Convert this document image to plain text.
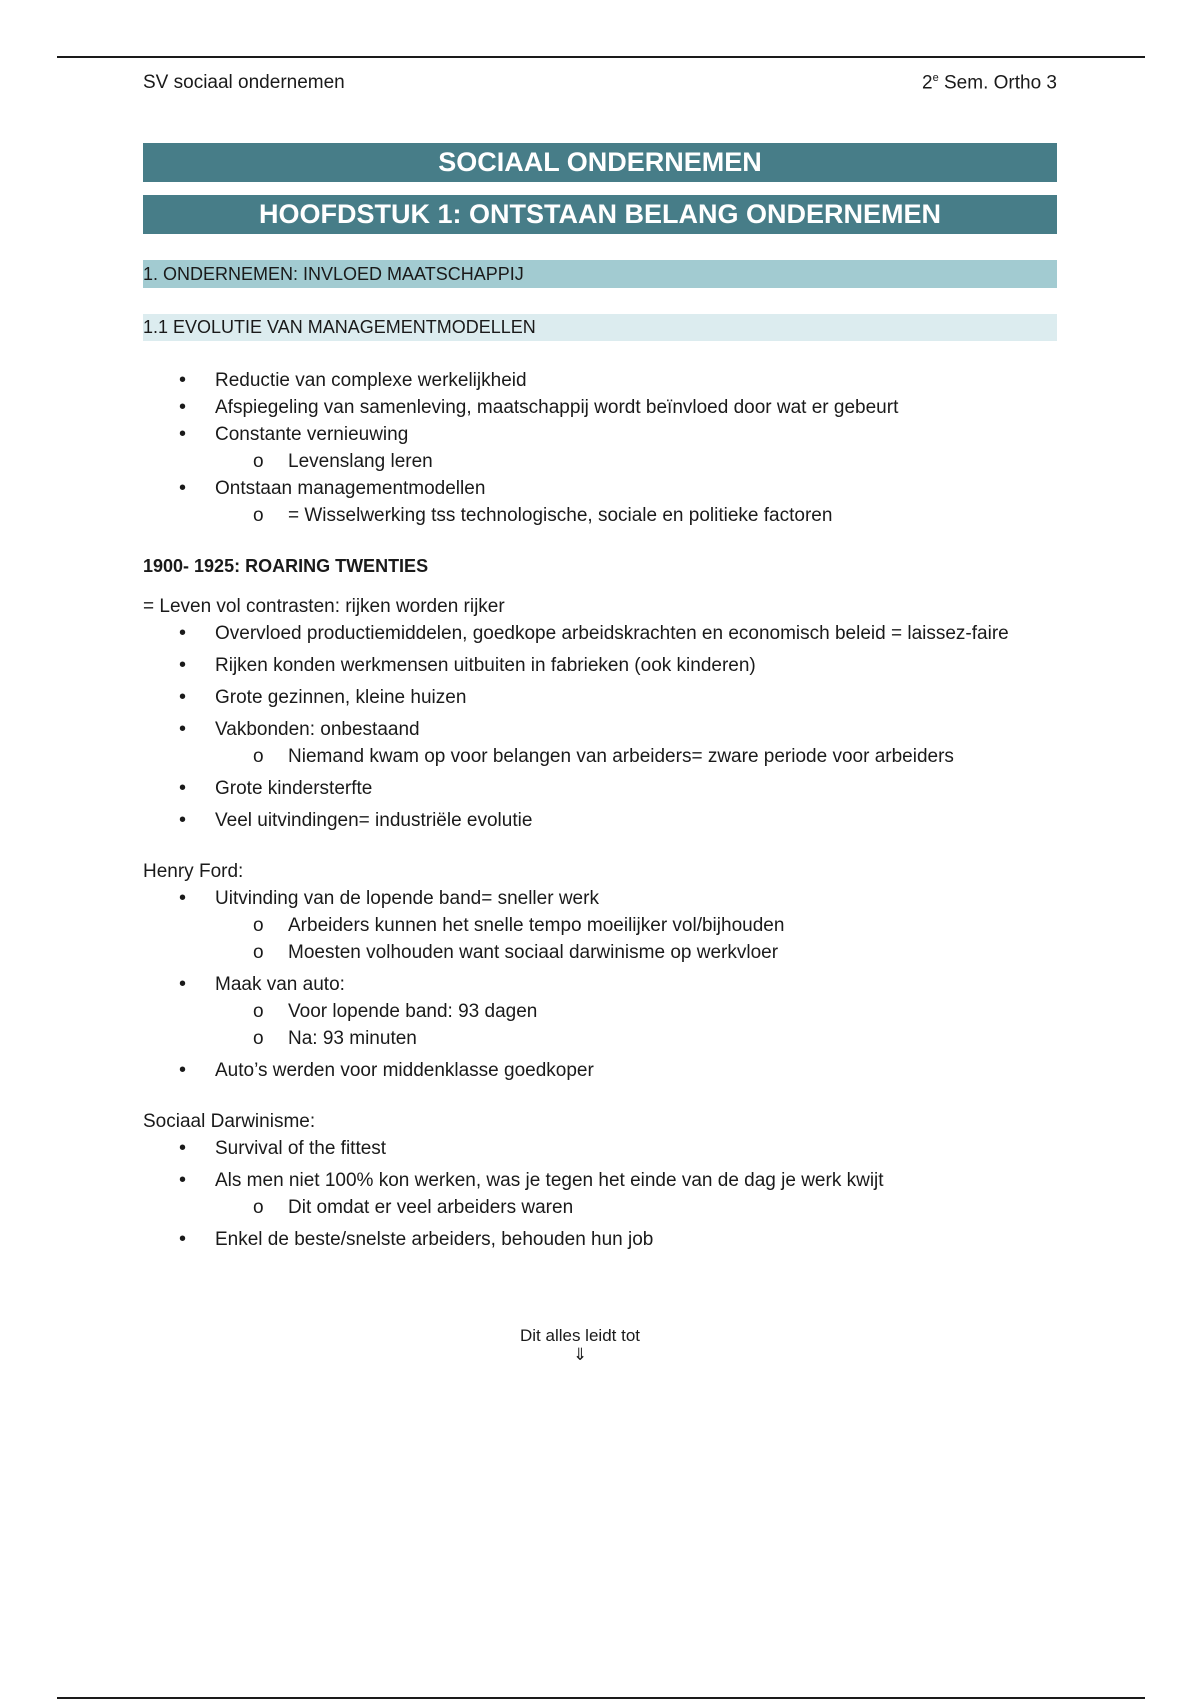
SV sociaal ondernemen	2e Sem. Ortho 3
SOCIAAL ONDERNEMEN
HOOFDSTUK 1: ONTSTAAN BELANG ONDERNEMEN
1. ONDERNEMEN: INVLOED MAATSCHAPPIJ
1.1 EVOLUTIE VAN MANAGEMENTMODELLEN
• Reductie van complexe werkelijkheid
• Afspiegeling van samenleving, maatschappij wordt beïnvloed door wat er gebeurt
• Constante vernieuwing
o Levenslang leren
• Ontstaan managementmodellen
o = Wisselwerking tss technologische, sociale en politieke factoren
1900- 1925: ROARING TWENTIES
= Leven vol contrasten: rijken worden rijker
• Overvloed productiemiddelen, goedkope arbeidskrachten en economisch beleid = laissez-faire
• Rijken konden werkmensen uitbuiten in fabrieken (ook kinderen)
• Grote gezinnen, kleine huizen
• Vakbonden: onbestaand
o Niemand kwam op voor belangen van arbeiders= zware periode voor arbeiders
• Grote kindersterfte
• Veel uitvindingen= industriële evolutie
Henry Ford:
• Uitvinding van de lopende band= sneller werk
o Arbeiders kunnen het snelle tempo moeilijker vol/bijhouden
o Moesten volhouden want sociaal darwinisme op werkvloer
• Maak van auto:
o Voor lopende band: 93 dagen
o Na: 93 minuten
• Auto’s werden voor middenklasse goedkoper
Sociaal Darwinisme:
• Survival of the fittest
• Als men niet 100% kon werken, was je tegen het einde van de dag je werk kwijt
o Dit omdat er veel arbeiders waren
• Enkel de beste/snelste arbeiders, behouden hun job
Dit alles leidt tot
⇓
